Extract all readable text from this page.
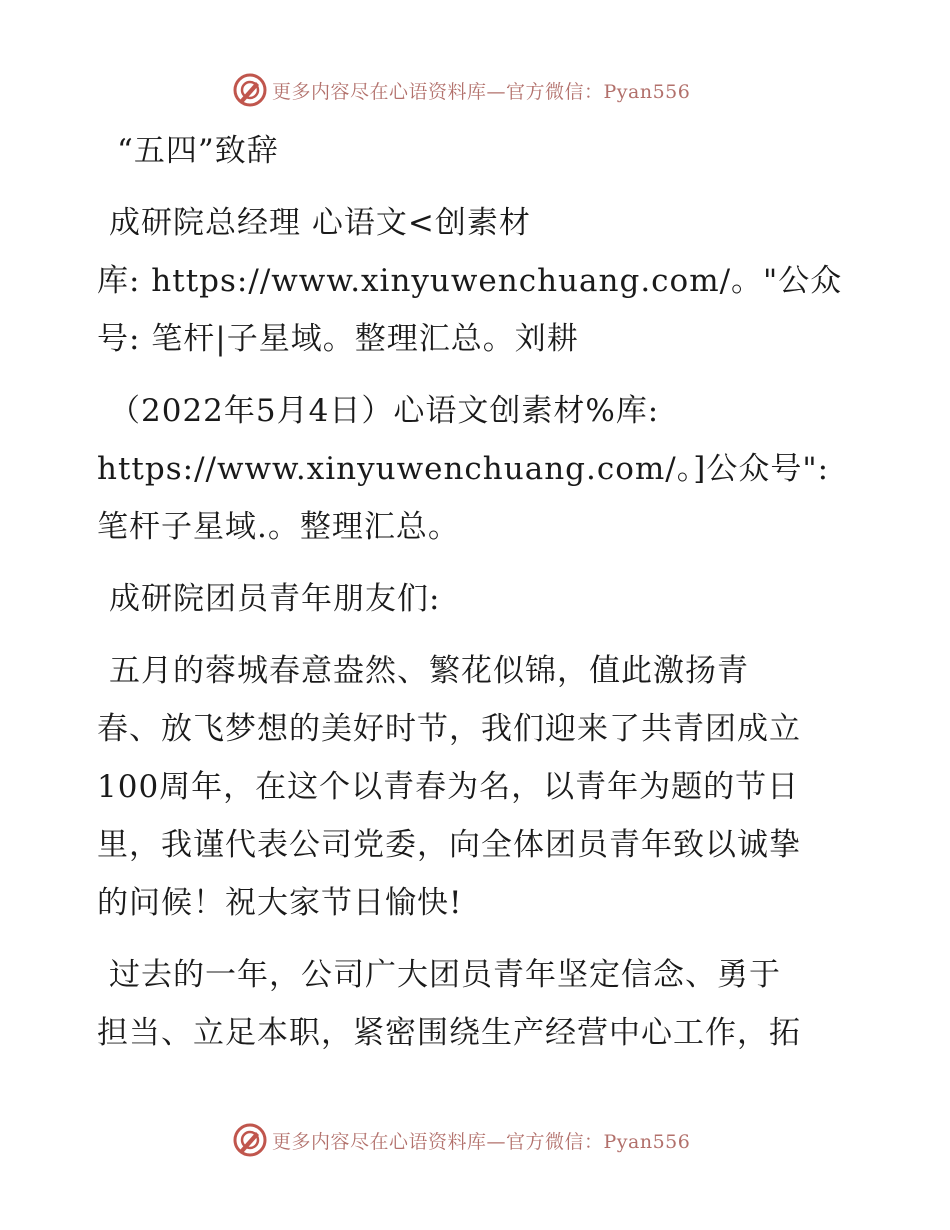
更多内容尽在心语资料库—官方微信：Pyan556

“五四”致辞

成研院总经理 心语文<创素材
库: https://www.xinyuwenchuang.com/。"公众
号: 笔杆|子星域。整理汇总。刘耕

（2022年5月4日）心语文创素材%库:
https://www.xinyuwenchuang.com/。]公众号":
笔杆子星域.。整理汇总。

成研院团员青年朋友们:

五月的蓉城春意盎然、繁花似锦，值此激扬青
春、放飞梦想的美好时节，我们迎来了共青团成立
100周年，在这个以青春为名，以青年为题的节日
里，我谨代表公司党委，向全体团员青年致以诚挚
的问候！祝大家节日愉快!

过去的一年，公司广大团员青年坚定信念、勇于
担当、立足本职，紧密围绕生产经营中心工作，拓

更多内容尽在心语资料库—官方微信：Pyan556
